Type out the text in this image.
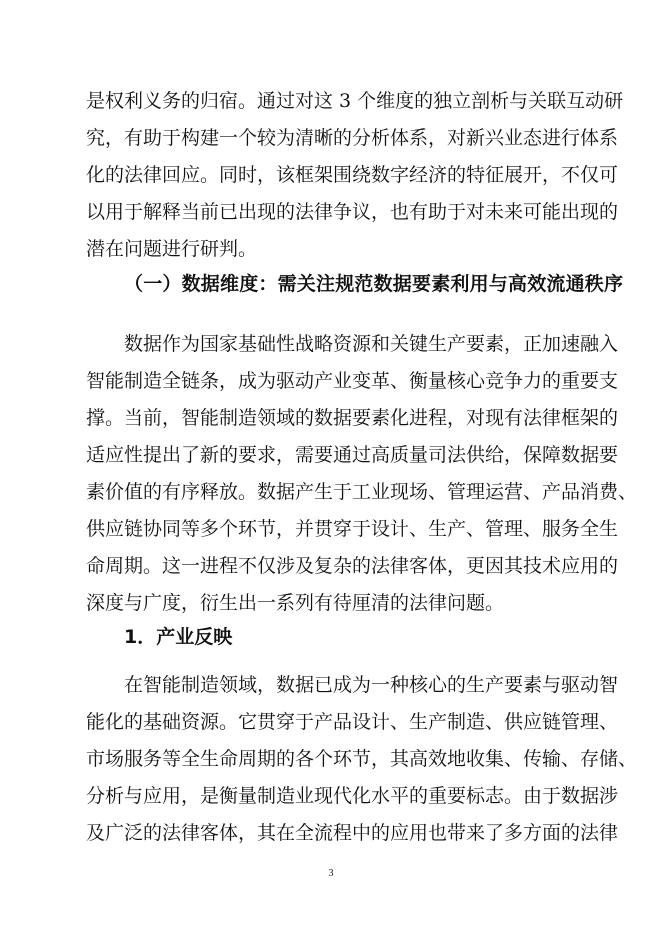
是权利义务的归宿。通过对这 3 个维度的独立剖析与关联互动研
究，有助于构建一个较为清晰的分析体系，对新兴业态进行体系
化的法律回应。同时，该框架围绕数字经济的特征展开，不仅可
以用于解释当前已出现的法律争议，也有助于对未来可能出现的
潜在问题进行研判。
（一）数据维度：需关注规范数据要素利用与高效流通秩序
数据作为国家基础性战略资源和关键生产要素，正加速融入
智能制造全链条，成为驱动产业变革、衡量核心竞争力的重要支
撑。当前，智能制造领域的数据要素化进程，对现有法律框架的
适应性提出了新的要求，需要通过高质量司法供给，保障数据要
素价值的有序释放。数据产生于工业现场、管理运营、产品消费、
供应链协同等多个环节，并贯穿于设计、生产、管理、服务全生
命周期。这一进程不仅涉及复杂的法律客体，更因其技术应用的
深度与广度，衍生出一系列有待厘清的法律问题。
1．产业反映
在智能制造领域，数据已成为一种核心的生产要素与驱动智
能化的基础资源。它贯穿于产品设计、生产制造、供应链管理、
市场服务等全生命周期的各个环节，其高效地收集、传输、存储、
分析与应用，是衡量制造业现代化水平的重要标志。由于数据涉
及广泛的法律客体，其在全流程中的应用也带来了多方面的法律
3
